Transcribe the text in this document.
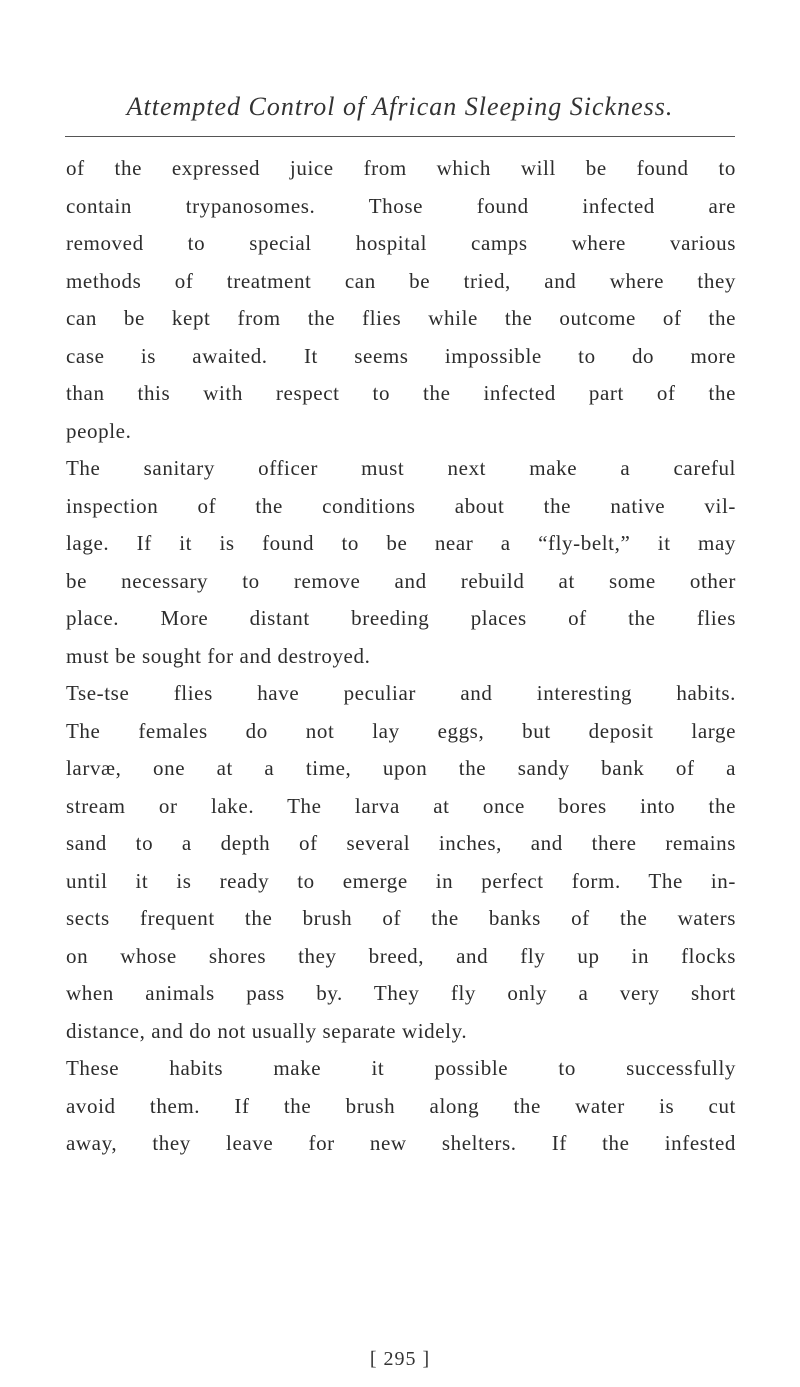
Attempted Control of African Sleeping Sickness.
of the expressed juice from which will be found to
contain trypanosomes. Those found infected are
removed to special hospital camps where various
methods of treatment can be tried, and where they
can be kept from the flies while the outcome of the
case is awaited. It seems impossible to do more
than this with respect to the infected part of the
people.
The sanitary officer must next make a careful
inspection of the conditions about the native vil-
lage. If it is found to be near a “fly-belt,” it may
be necessary to remove and rebuild at some other
place. More distant breeding places of the flies
must be sought for and destroyed.
Tse-tse flies have peculiar and interesting habits.
The females do not lay eggs, but deposit large
larvæ, one at a time, upon the sandy bank of a
stream or lake. The larva at once bores into the
sand to a depth of several inches, and there remains
until it is ready to emerge in perfect form. The in-
sects frequent the brush of the banks of the waters
on whose shores they breed, and fly up in flocks
when animals pass by. They fly only a very short
distance, and do not usually separate widely.
These habits make it possible to successfully
avoid them. If the brush along the water is cut
away, they leave for new shelters. If the infested
[ 295 ]
